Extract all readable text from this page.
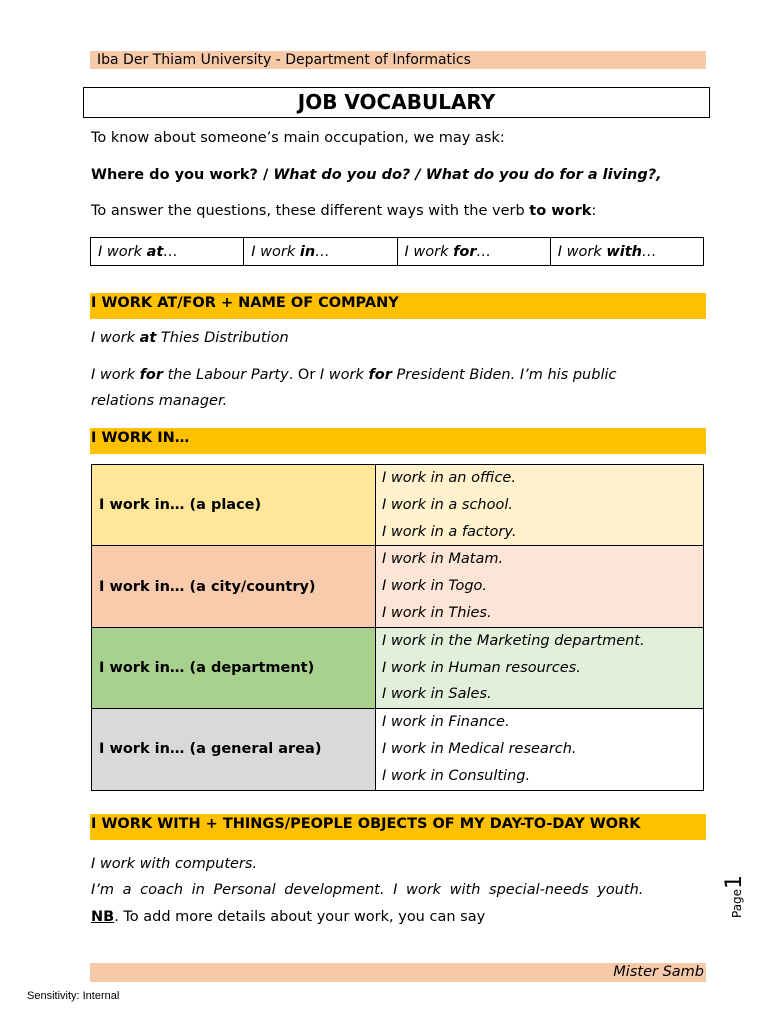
Iba Der Thiam University - Department of Informatics
JOB VOCABULARY
To know about someone’s main occupation, we may ask:
Where do you work? / What do you do? / What do you do for a living?,
To answer the questions, these different ways with the verb to work:
I work at…	I work in…	I work for…	I work with…
I WORK AT/FOR + NAME OF COMPANY
I work at Thies Distribution
I work for the Labour Party. Or I work for President Biden. I’m his public
relations manager.
I WORK IN…
I work in… (a place)	I work in an office.
I work in a school.
I work in a factory.

I work in… (a city/country)	I work in Matam.
I work in Togo.
I work in Thies.

I work in… (a department)	I work in the Marketing department.
I work in Human resources.
I work in Sales.

I work in… (a general area)	I work in Finance.
I work in Medical research.
I work in Consulting.
I WORK WITH + THINGS/PEOPLE OBJECTS OF MY DAY-TO-DAY WORK
I work with computers.
I’m a coach in Personal development. I work with special-needs youth.
NB. To add more details about your work, you can say	Page1
Mister Samb
Sensitivity: Internal
